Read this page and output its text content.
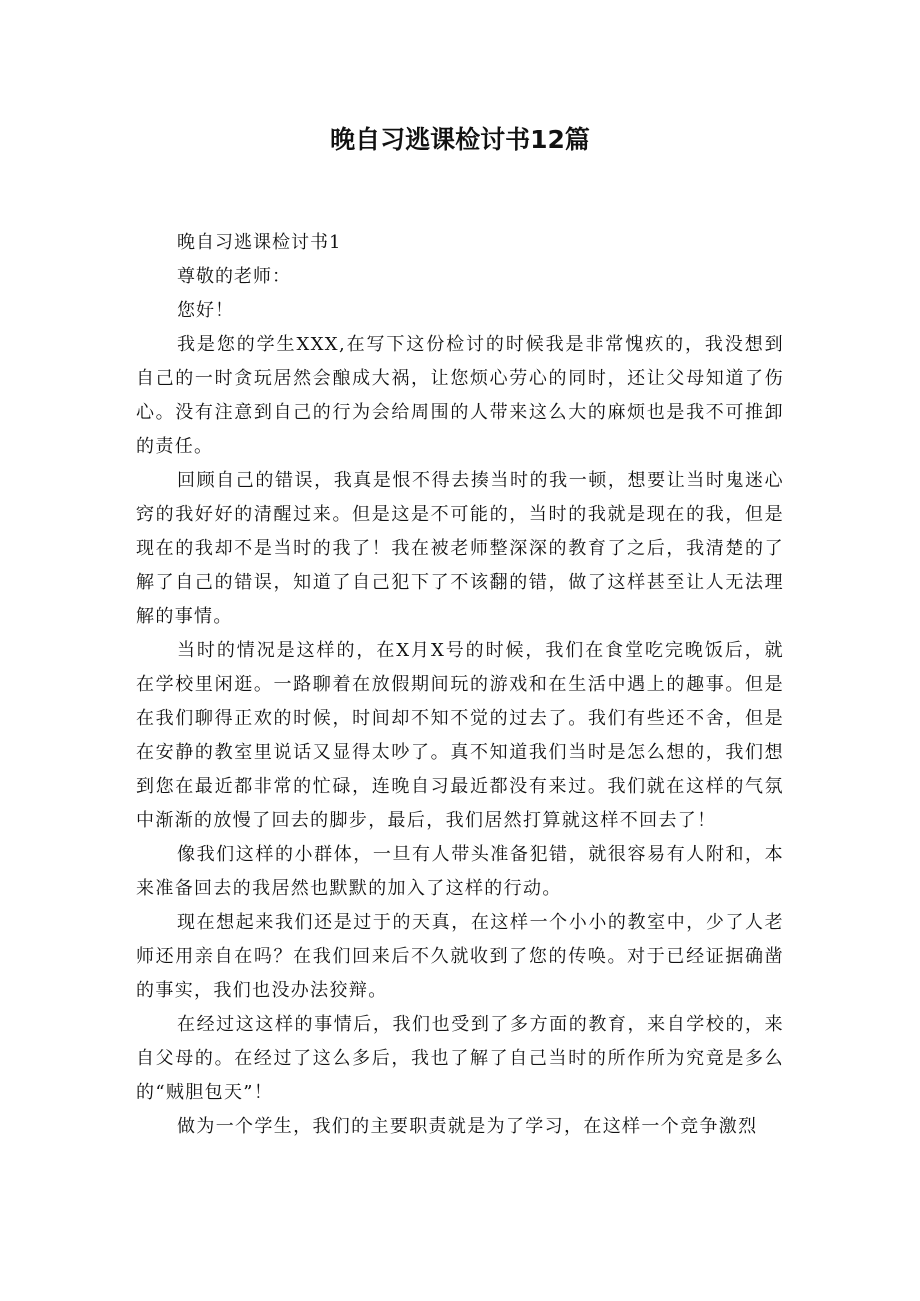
晚自习逃课检讨书12篇

晚自习逃课检讨书1

尊敬的老师：

您好！

我是您的学生XXX,在写下这份检讨的时候我是非常愧疚的，我没想到自己的一时贪玩居然会酿成大祸，让您烦心劳心的同时，还让父母知道了伤心。没有注意到自己的行为会给周围的人带来这么大的麻烦也是我不可推卸的责任。

回顾自己的错误，我真是恨不得去揍当时的我一顿，想要让当时鬼迷心窍的我好好的清醒过来。但是这是不可能的，当时的我就是现在的我，但是现在的我却不是当时的我了！我在被老师整深深的教育了之后，我清楚的了解了自己的错误，知道了自己犯下了不该翻的错，做了这样甚至让人无法理解的事情。

当时的情况是这样的，在X月X号的时候，我们在食堂吃完晚饭后，就在学校里闲逛。一路聊着在放假期间玩的游戏和在生活中遇上的趣事。但是在我们聊得正欢的时候，时间却不知不觉的过去了。我们有些还不舍，但是在安静的教室里说话又显得太吵了。真不知道我们当时是怎么想的，我们想到您在最近都非常的忙碌，连晚自习最近都没有来过。我们就在这样的气氛中渐渐的放慢了回去的脚步，最后，我们居然打算就这样不回去了！

像我们这样的小群体，一旦有人带头准备犯错，就很容易有人附和，本来准备回去的我居然也默默的加入了这样的行动。

现在想起来我们还是过于的天真，在这样一个小小的教室中，少了人老师还用亲自在吗？在我们回来后不久就收到了您的传唤。对于已经证据确凿的事实，我们也没办法狡辩。

在经过这这样的事情后，我们也受到了多方面的教育，来自学校的，来自父母的。在经过了这么多后，我也了解了自己当时的所作所为究竟是多么的“贼胆包天”！

做为一个学生，我们的主要职责就是为了学习，在这样一个竞争激烈
